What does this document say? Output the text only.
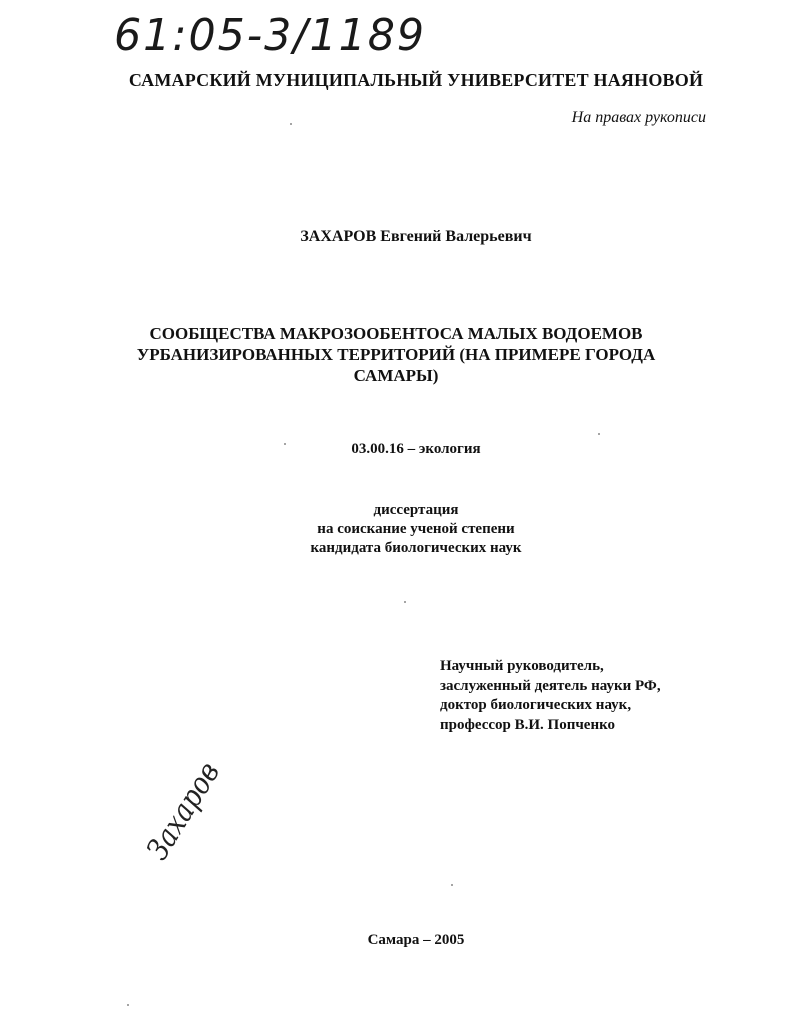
61:05-3/1189
САМАРСКИЙ МУНИЦИПАЛЬНЫЙ УНИВЕРСИТЕТ НАЯНОВОЙ
На правах рукописи
ЗАХАРОВ Евгений Валерьевич
СООБЩЕСТВА МАКРОЗООБЕНТОСА МАЛЫХ ВОДОЕМОВ
УРБАНИЗИРОВАННЫХ ТЕРРИТОРИЙ (НА ПРИМЕРЕ ГОРОДА
САМАРЫ)
03.00.16 – экология
диссертация
на соискание ученой степени
кандидата биологических наук
Научный руководитель,
заслуженный деятель науки РФ,
доктор биологических наук,
профессор В.И. Попченко
Захаров
Самара – 2005
